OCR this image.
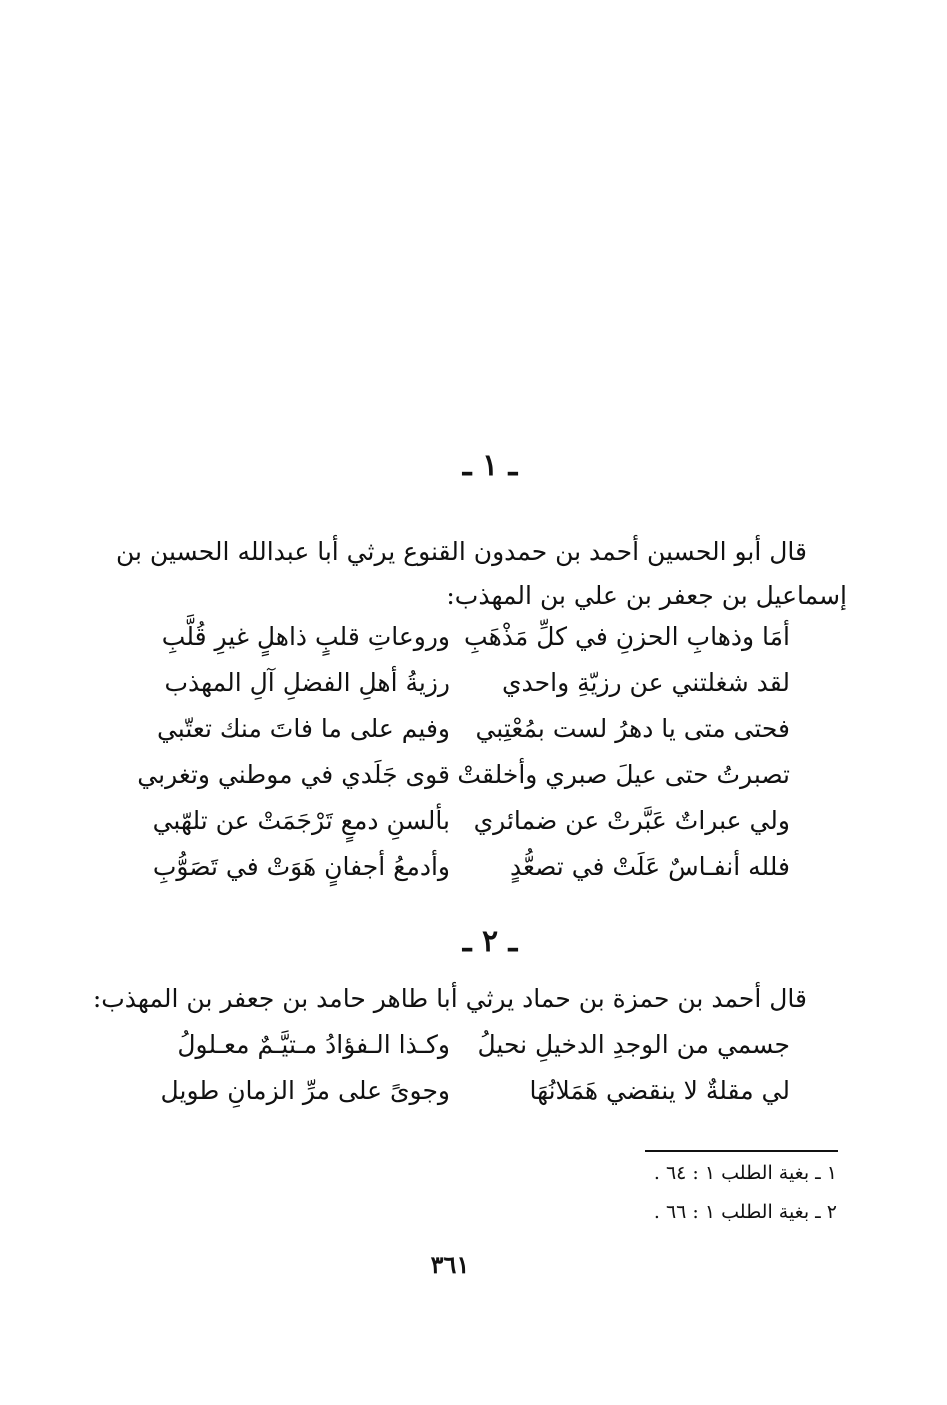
ـ ١ ـ
قال أبو الحسين أحمد بن حمدون القنوع يرثي أبا عبدالله الحسين بن
إسماعيل بن جعفر بن علي بن المهذب:
أمَا وذهابِ الحزنِ في كلِّ مَذْهَبِ
وروعاتِ قلبٍ ذاهلٍ غيرِ قُلَّبِ
لقد شغلتني عن رزيّةِ واحدي
رزيةُ أهلِ الفضلِ آلِ المهذب
فحتى متى يا دهرُ لست بمُعْتِبي
وفيم على ما فاتَ منك تعتّبي
تصبرتُ حتى عيلَ صبري وأخلقتْ
قوى جَلَدي في موطني وتغربي
ولي عبراتٌ عَبَّرتْ عن ضمائري
بألسنِ دمعٍ تَرْجَمَتْ عن تلهّبي
فلله أنفـاسٌ عَلَتْ في تصعُّدٍ
وأدمعُ أجفانٍ هَوَتْ في تَصَوُّبِ
ـ ٢ ـ
قال أحمد بن حمزة بن حماد يرثي أبا طاهر حامد بن جعفر بن المهذب:
جسمي من الوجدِ الدخيلِ نحيلُ
وكـذا الـفؤادُ مـتيَّـمٌ معـلولُ
لي مقلةٌ لا ينقضي هَمَلانُهَا
وجوىً على مرِّ الزمانِ طويل
١ ـ بغية الطلب ١ : ٦٤ .
٢ ـ بغية الطلب ١ : ٦٦ .
٣٦١
